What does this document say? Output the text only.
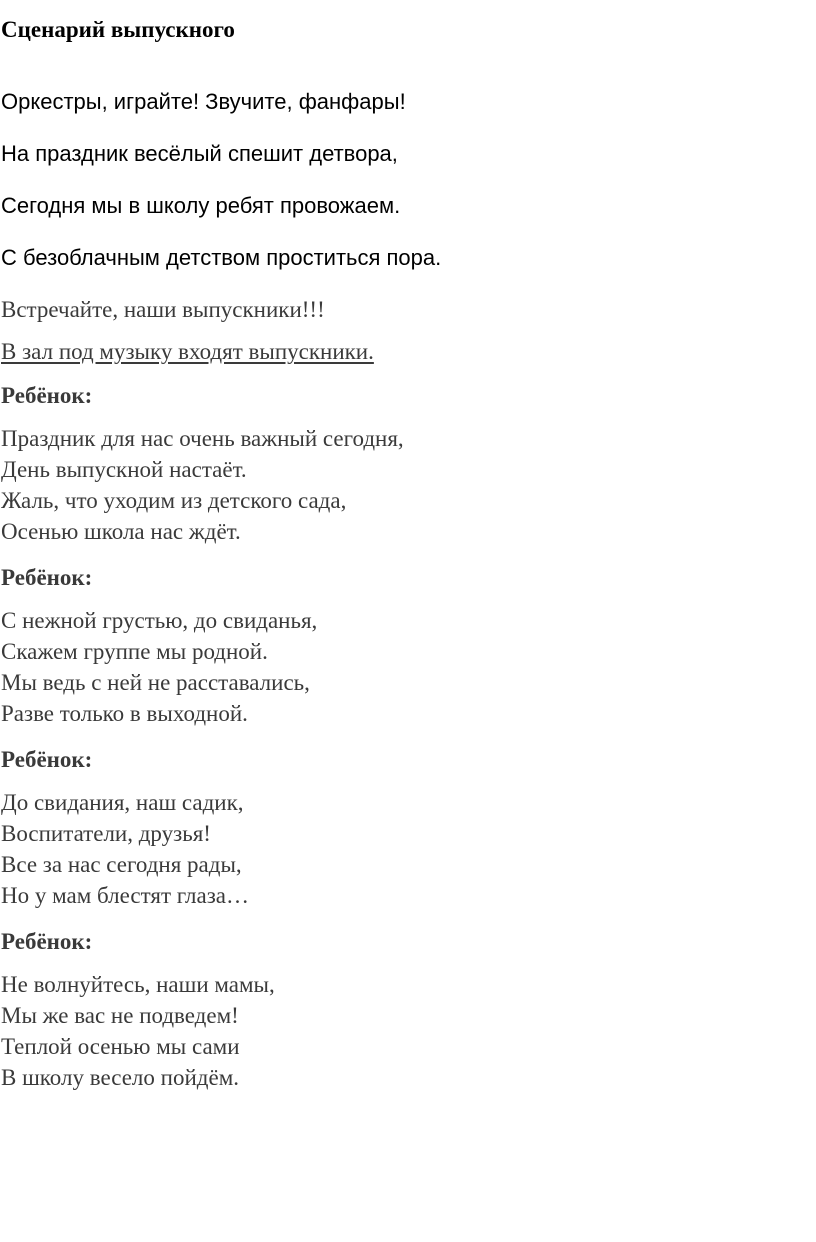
Сценарий выпускного

Оркестры, играйте! Звучите, фанфары!

На праздник весёлый спешит детвора,

Сегодня мы в школу ребят провожаем.

С безоблачным детством проститься пора.

Встречайте, наши выпускники!!!

В зал под музыку входят выпускники.

Ребёнок:

Праздник для нас очень важный сегодня,
День выпускной настаёт.
Жаль, что уходим из детского сада,
Осенью школа нас ждёт.

Ребёнок:

С нежной грустью, до свиданья,
Скажем группе мы родной.
Мы ведь с ней не расставались,
Разве только в выходной.

Ребёнок:

До свидания, наш садик,
Воспитатели, друзья!
Все за нас сегодня рады,
Но у мам блестят глаза…

Ребёнок:

Не волнуйтесь, наши мамы,
Мы же вас не подведем!
Теплой осенью мы сами
В школу весело пойдём.
